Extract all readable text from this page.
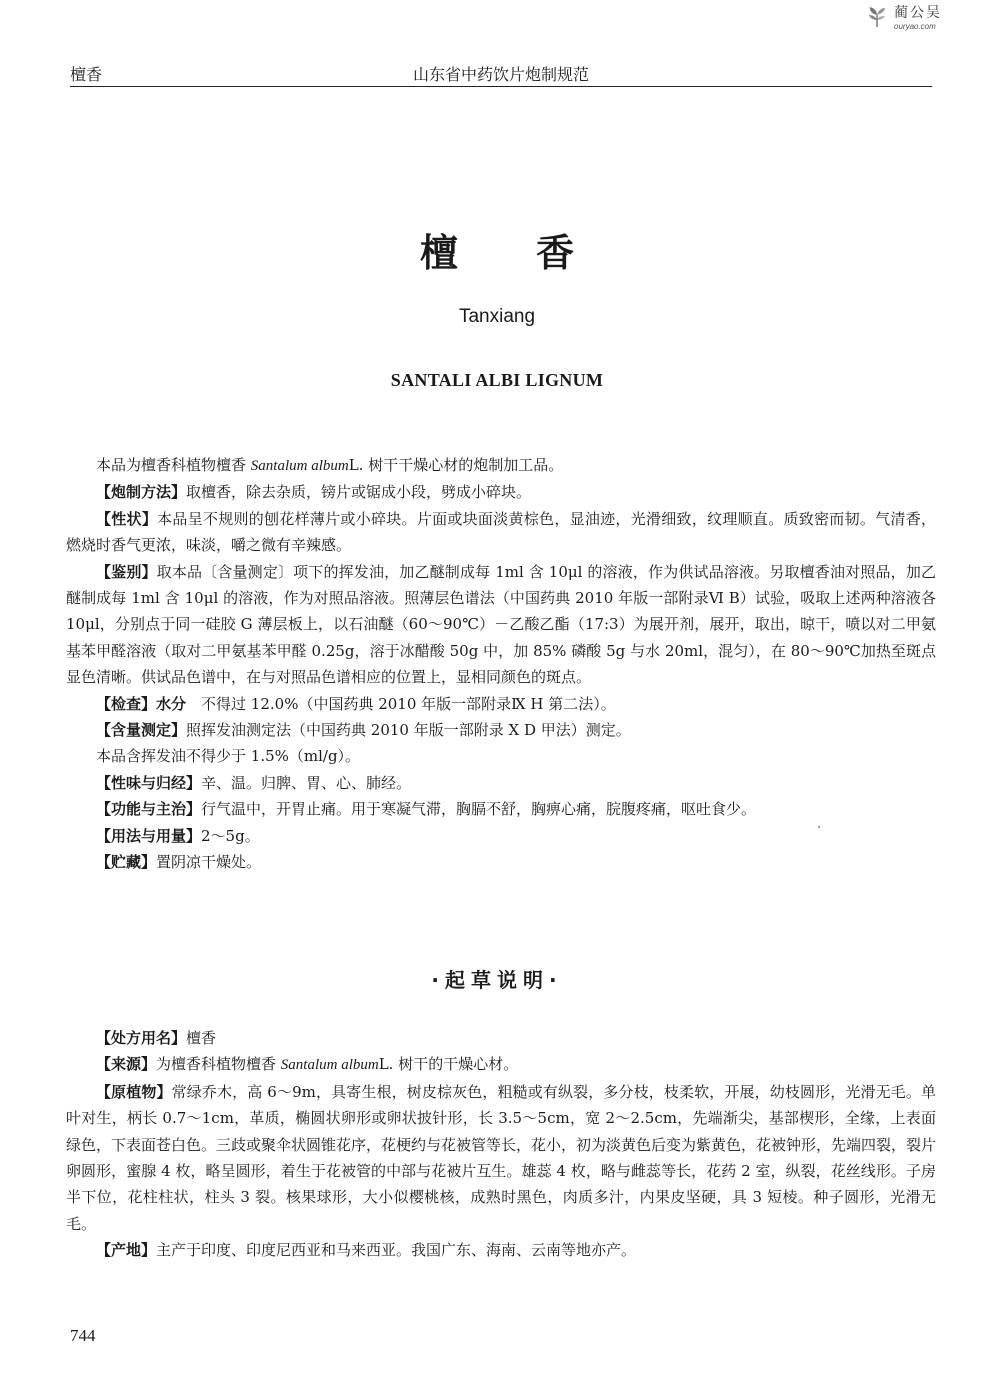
蔺公吴
ouryao.com
檀香	山东省中药饮片炮制规范
檀香
Tanxiang
SANTALI ALBI LIGNUM

本品为檀香科植物檀香 Santalum albumL. 树干干燥心材的炮制加工品。

【炮制方法】取檀香，除去杂质，镑片或锯成小段，劈成小碎块。

【性状】本品呈不规则的刨花样薄片或小碎块。片面或块面淡黄棕色，显油迹，光滑细致，纹理顺直。质致密而韧。气清香，燃烧时香气更浓，味淡，嚼之微有辛辣感。

【鉴别】取本品〔含量测定〕项下的挥发油，加乙醚制成每 1ml 含 10μl 的溶液，作为供试品溶液。另取檀香油对照品，加乙醚制成每 1ml 含 10μl 的溶液，作为对照品溶液。照薄层色谱法（中国药典 2010 年版一部附录Ⅵ B）试验，吸取上述两种溶液各 10μl，分别点于同一硅胶 G 薄层板上，以石油醚（60～90℃）－乙酸乙酯（17:3）为展开剂，展开，取出，晾干，喷以对二甲氨基苯甲醛溶液（取对二甲氨基苯甲醛 0.25g，溶于冰醋酸 50g 中，加 85% 磷酸 5g 与水 20ml，混匀），在 80～90℃加热至斑点显色清晰。供试品色谱中，在与对照品色谱相应的位置上，显相同颜色的斑点。

【检查】水分　不得过 12.0%（中国药典 2010 年版一部附录Ⅸ H 第二法）。

【含量测定】照挥发油测定法（中国药典 2010 年版一部附录 X D 甲法）测定。

本品含挥发油不得少于 1.5%（ml/g）。

【性味与归经】辛、温。归脾、胃、心、肺经。

【功能与主治】行气温中，开胃止痛。用于寒凝气滞，胸膈不舒，胸痹心痛，脘腹疼痛，呕吐食少。

【用法与用量】2～5g。

【贮藏】置阴凉干燥处。

·起草说明·

【处方用名】檀香

【来源】为檀香科植物檀香 Santalum albumL. 树干的干燥心材。

【原植物】常绿乔木，高 6～9m，具寄生根，树皮棕灰色，粗糙或有纵裂，多分枝，枝柔软，开展，幼枝圆形，光滑无毛。单叶对生，柄长 0.7～1cm，革质，椭圆状卵形或卵状披针形，长 3.5～5cm，宽 2～2.5cm，先端渐尖，基部楔形，全缘，上表面绿色，下表面苍白色。三歧或聚伞状圆锥花序，花梗约与花被管等长，花小，初为淡黄色后变为紫黄色，花被钟形，先端四裂，裂片卵圆形，蜜腺 4 枚，略呈圆形，着生于花被管的中部与花被片互生。雄蕊 4 枚，略与雌蕊等长，花药 2 室，纵裂，花丝线形。子房半下位，花柱柱状，柱头 3 裂。核果球形，大小似樱桃核，成熟时黑色，肉质多汁，内果皮坚硬，具 3 短棱。种子圆形，光滑无毛。

【产地】主产于印度、印度尼西亚和马来西亚。我国广东、海南、云南等地亦产。

744
